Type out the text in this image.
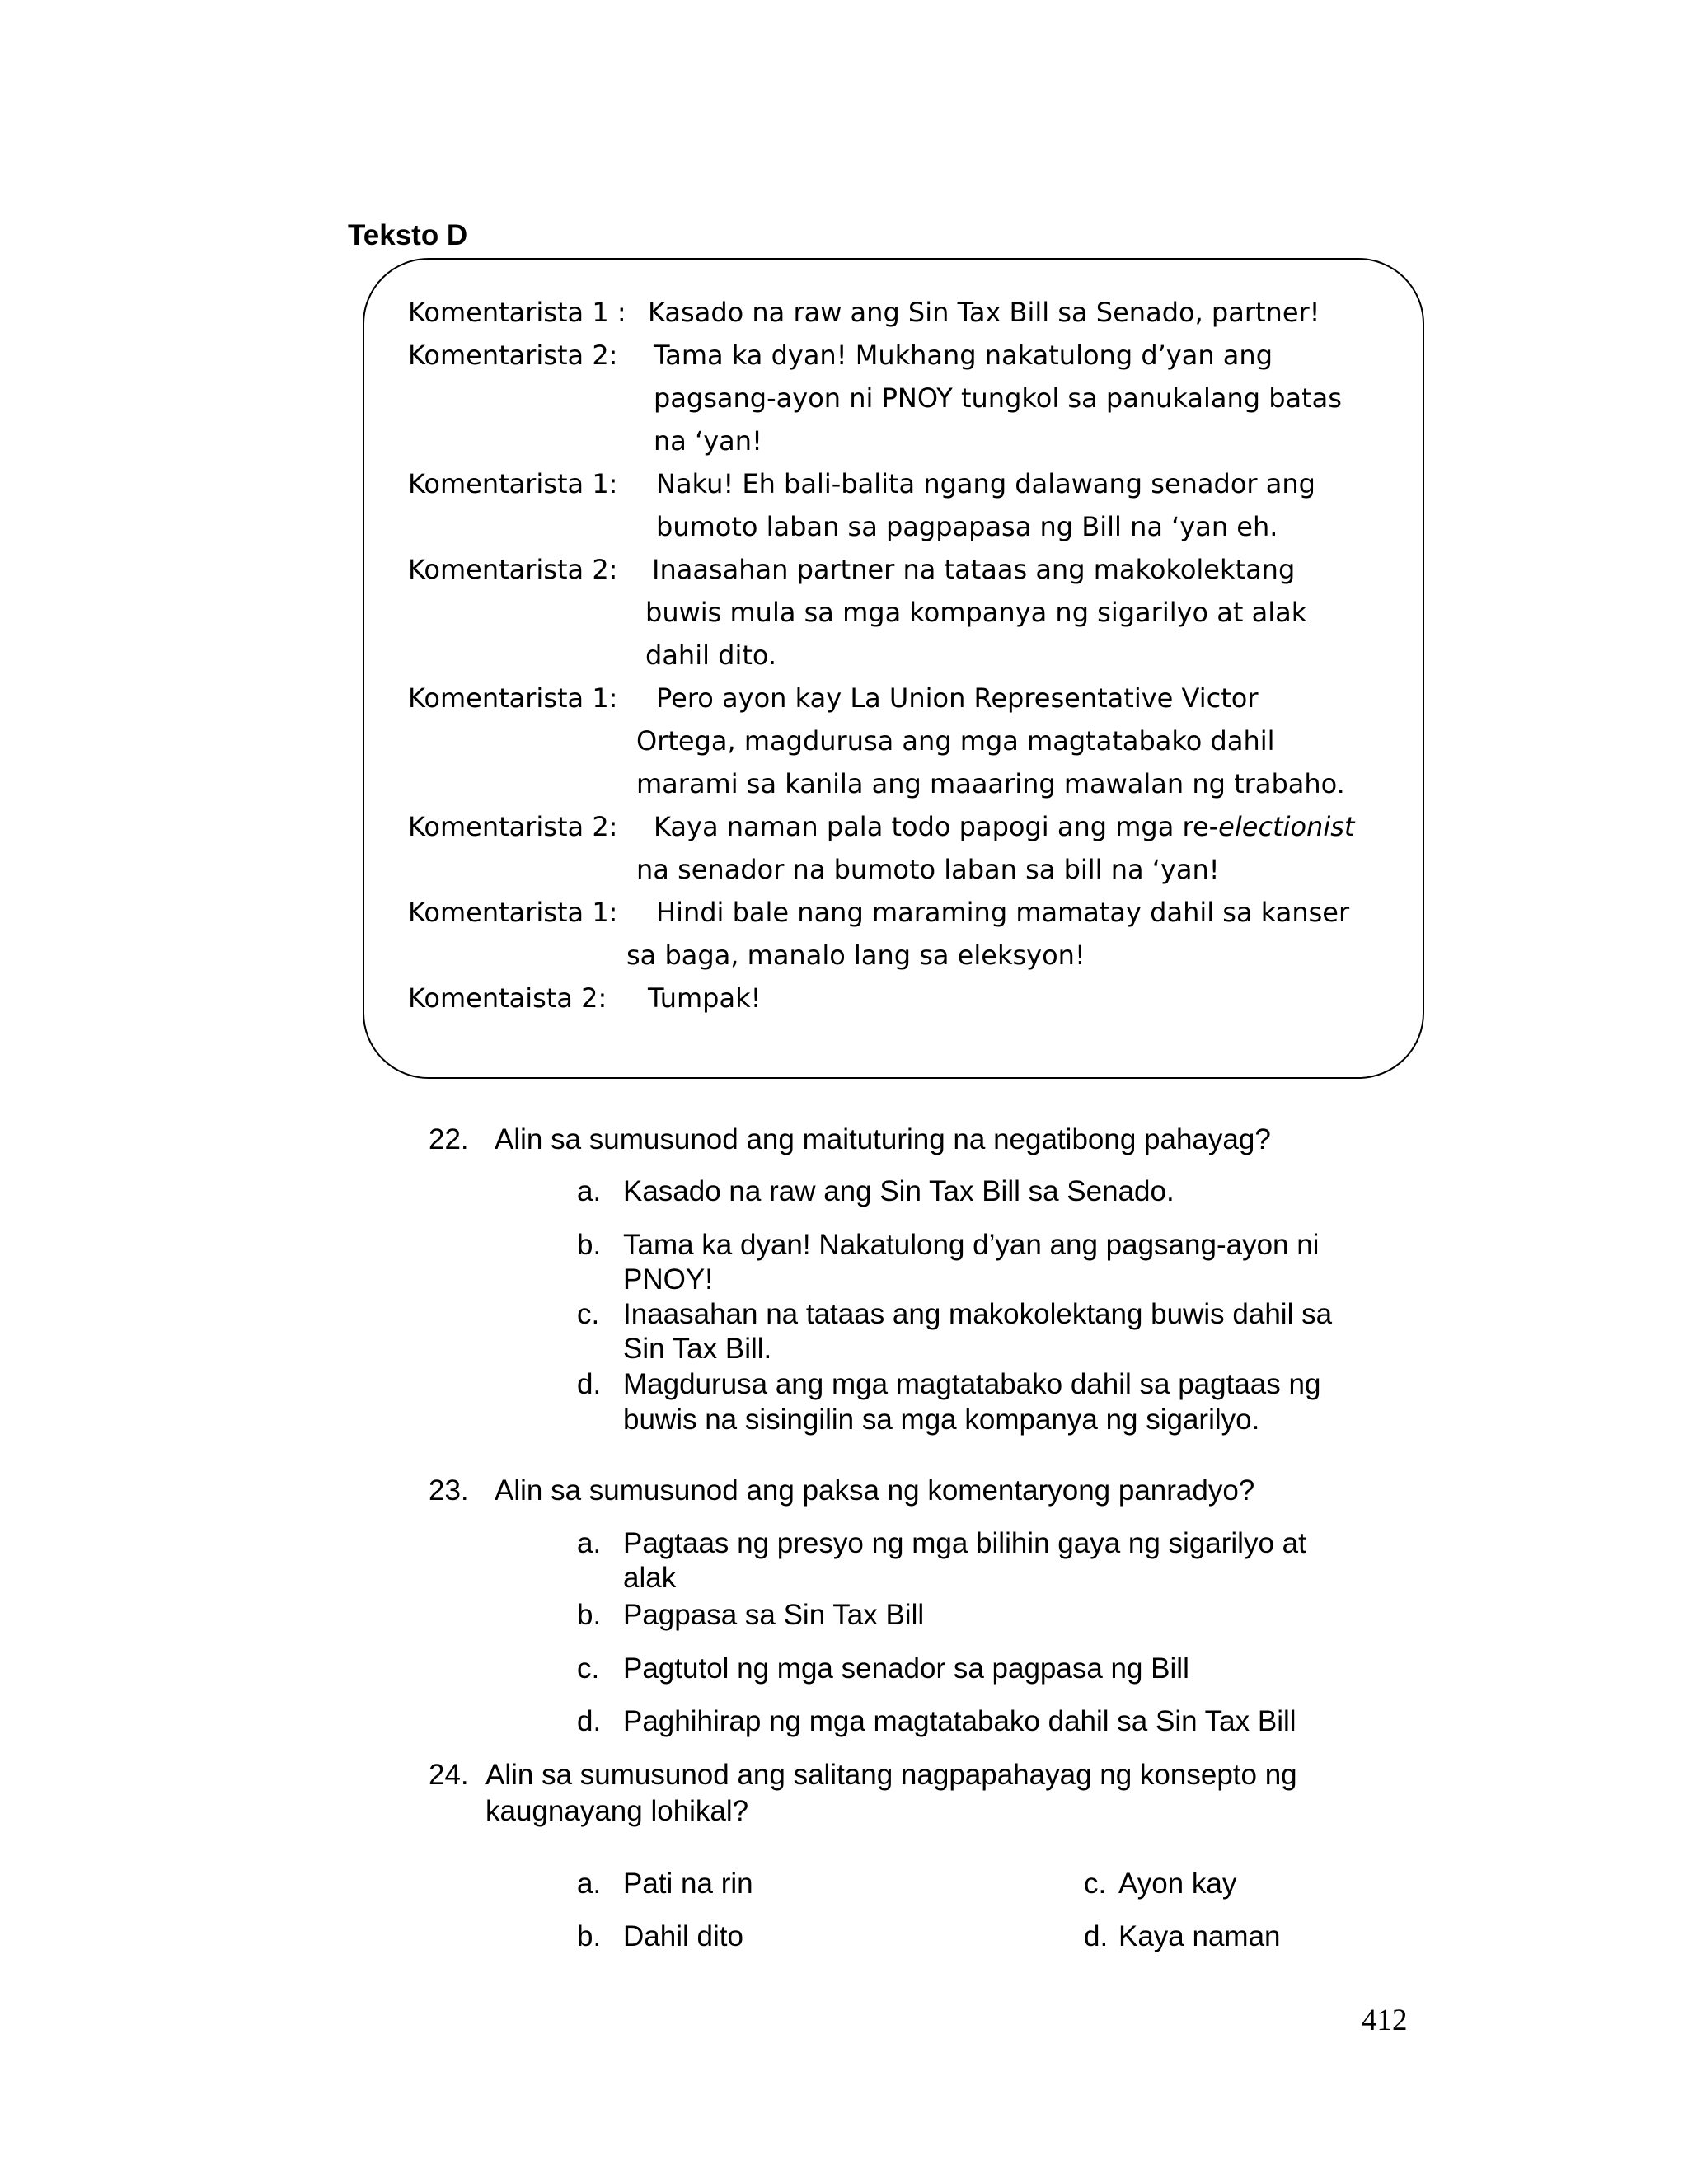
Teksto D
Komentarista 1 : Kasado na raw ang Sin Tax Bill sa Senado, partner!
Komentarista 2: Tama ka dyan! Mukhang nakatulong d’yan ang
pagsang-ayon ni PNOY tungkol sa panukalang batas
na ‘yan!
Komentarista 1: Naku! Eh bali-balita ngang dalawang senador ang
bumoto laban sa pagpapasa ng Bill na ‘yan eh.
Komentarista 2: Inaasahan partner na tataas ang makokolektang
buwis mula sa mga kompanya ng sigarilyo at alak
dahil dito.
Komentarista 1: Pero ayon kay La Union Representative Victor
Ortega, magdurusa ang mga magtatabako dahil
marami sa kanila ang maaaring mawalan ng trabaho.
Komentarista 2: Kaya naman pala todo papogi ang mga re-electionist
na senador na bumoto laban sa bill na ‘yan!
Komentarista 1: Hindi bale nang maraming mamatay dahil sa kanser
sa baga, manalo lang sa eleksyon!
Komentaista 2: Tumpak!
22. Alin sa sumusunod ang maituturing na negatibong pahayag?
a. Kasado na raw ang Sin Tax Bill sa Senado.
b. Tama ka dyan! Nakatulong d’yan ang pagsang-ayon ni
PNOY!
c. Inaasahan na tataas ang makokolektang buwis dahil sa
Sin Tax Bill.
d. Magdurusa ang mga magtatabako dahil sa pagtaas ng
buwis na sisingilin sa mga kompanya ng sigarilyo.
23. Alin sa sumusunod ang paksa ng komentaryong panradyo?
a. Pagtaas ng presyo ng mga bilihin gaya ng sigarilyo at
alak
b. Pagpasa sa Sin Tax Bill
c. Pagtutol ng mga senador sa pagpasa ng Bill
d. Paghihirap ng mga magtatabako dahil sa Sin Tax Bill
24. Alin sa sumusunod ang salitang nagpapahayag ng konsepto ng
kaugnayang lohikal?
a. Pati na rin	c. Ayon kay
b. Dahil dito	d. Kaya naman
412
